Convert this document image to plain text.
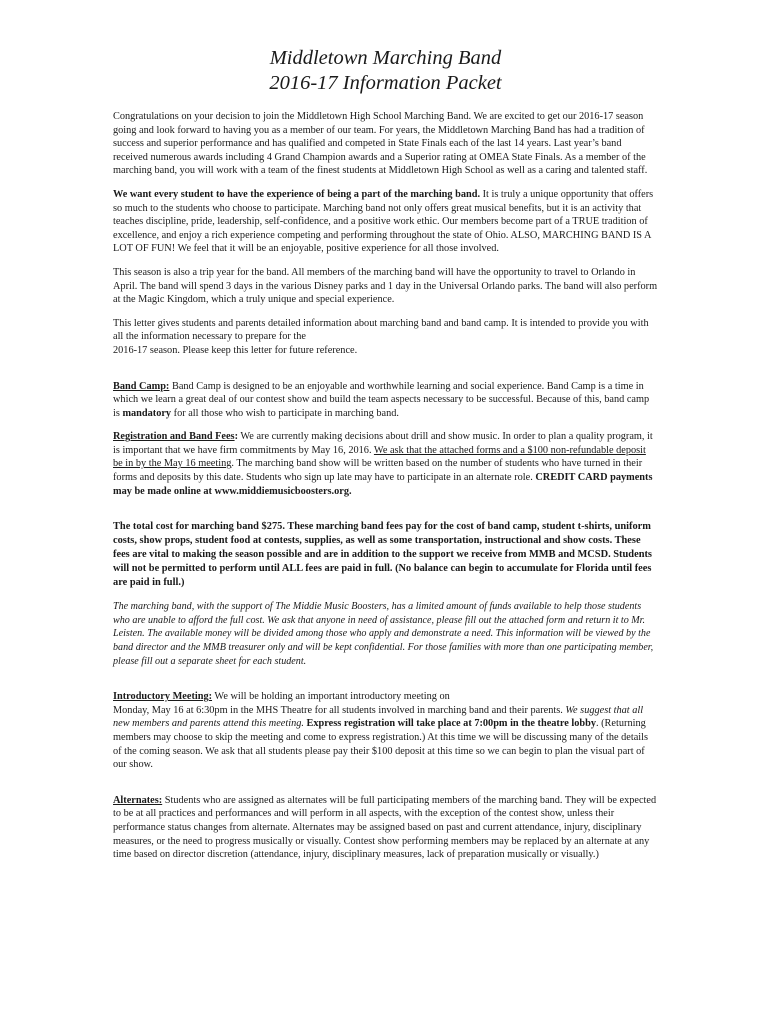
Middletown Marching Band
2016-17 Information Packet

Congratulations on your decision to join the Middletown High School Marching Band. We are excited to get our 2016-17 season going and look forward to having you as a member of our team. For years, the Middletown Marching Band has had a tradition of success and superior performance and has qualified and competed in State Finals each of the last 14 years. Last year’s band received numerous awards including 4 Grand Champion awards and a Superior rating at OMEA State Finals. As a member of the marching band, you will work with a team of the finest students at Middletown High School as well as a caring and talented staff.

We want every student to have the experience of being a part of the marching band. It is truly a unique opportunity that offers so much to the students who choose to participate. Marching band not only offers great musical benefits, but it is an activity that teaches discipline, pride, leadership, self-confidence, and a positive work ethic. Our members become part of a TRUE tradition of excellence, and enjoy a rich experience competing and performing throughout the state of Ohio. ALSO, MARCHING BAND IS A LOT OF FUN! We feel that it will be an enjoyable, positive experience for all those involved.

This season is also a trip year for the band. All members of the marching band will have the opportunity to travel to Orlando in April. The band will spend 3 days in the various Disney parks and 1 day in the Universal Orlando parks. The band will also perform at the Magic Kingdom, which a truly unique and special experience.

This letter gives students and parents detailed information about marching band and band camp. It is intended to provide you with all the information necessary to prepare for the
2016-17 season. Please keep this letter for future reference.

Band Camp: Band Camp is designed to be an enjoyable and worthwhile learning and social experience. Band Camp is a time in which we learn a great deal of our contest show and build the team aspects necessary to be successful. Because of this, band camp is mandatory for all those who wish to participate in marching band.

Registration and Band Fees: We are currently making decisions about drill and show music. In order to plan a quality program, it is important that we have firm commitments by May 16, 2016. We ask that the attached forms and a $100 non-refundable deposit be in by the May 16 meeting. The marching band show will be written based on the number of students who have turned in their forms and deposits by this date. Students who sign up late may have to participate in an alternate role. CREDIT CARD payments may be made online at www.middiemusicboosters.org.

The total cost for marching band $275. These marching band fees pay for the cost of band camp, student t-shirts, uniform costs, show props, student food at contests, supplies, as well as some transportation, instructional and show costs. These fees are vital to making the season possible and are in addition to the support we receive from MMB and MCSD. Students will not be permitted to perform until ALL fees are paid in full. (No balance can begin to accumulate for Florida until fees are paid in full.)

The marching band, with the support of The Middie Music Boosters, has a limited amount of funds available to help those students who are unable to afford the full cost. We ask that anyone in need of assistance, please fill out the attached form and return it to Mr. Leisten. The available money will be divided among those who apply and demonstrate a need. This information will be viewed by the band director and the MMB treasurer only and will be kept confidential. For those families with more than one participating member, please fill out a separate sheet for each student.

Introductory Meeting: We will be holding an important introductory meeting on
Monday, May 16 at 6:30pm in the MHS Theatre for all students involved in marching band and their parents. We suggest that all new members and parents attend this meeting. Express registration will take place at 7:00pm in the theatre lobby. (Returning members may choose to skip the meeting and come to express registration.) At this time we will be discussing many of the details of the coming season. We ask that all students please pay their $100 deposit at this time so we can begin to plan the visual part of our show.

Alternates: Students who are assigned as alternates will be full participating members of the marching band. They will be expected to be at all practices and performances and will perform in all aspects, with the exception of the contest show, unless their performance status changes from alternate. Alternates may be assigned based on past and current attendance, injury, disciplinary measures, or the need to progress musically or visually. Contest show performing members may be replaced by an alternate at any time based on director discretion (attendance, injury, disciplinary measures, lack of preparation musically or visually.)
